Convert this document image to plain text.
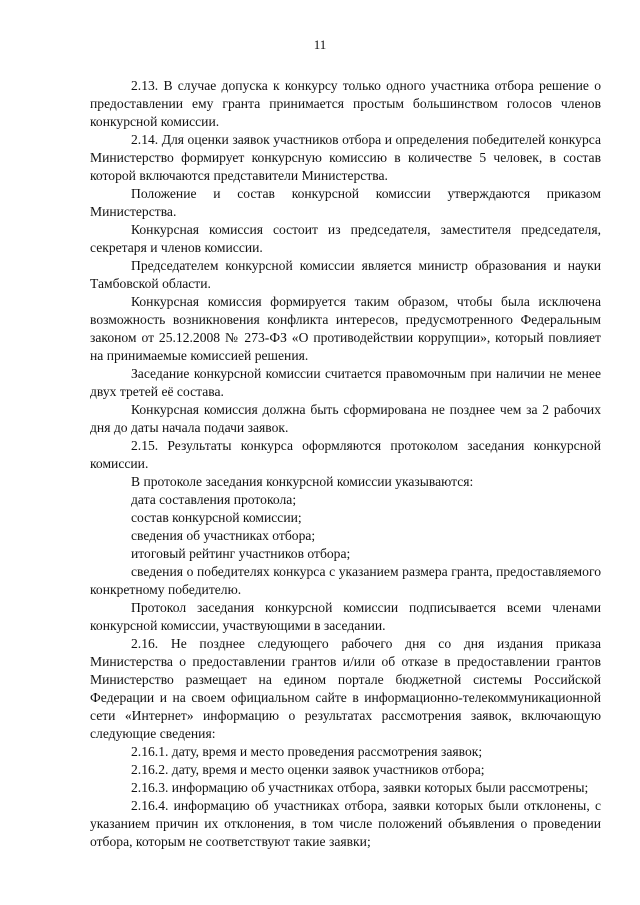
11

2.13. В случае допуска к конкурсу только одного участника отбора решение о предоставлении ему гранта принимается простым большинством голосов членов конкурсной комиссии.

2.14. Для оценки заявок участников отбора и определения победителей конкурса Министерство формирует конкурсную комиссию в количестве 5 человек, в состав которой включаются представители Министерства.

Положение и состав конкурсной комиссии утверждаются приказом Министерства.

Конкурсная комиссия состоит из председателя, заместителя председателя, секретаря и членов комиссии.

Председателем конкурсной комиссии является министр образования и науки Тамбовской области.

Конкурсная комиссия формируется таким образом, чтобы была исключена возможность возникновения конфликта интересов, предусмотренного Федеральным законом от 25.12.2008 № 273-ФЗ «О противодействии коррупции», который повлияет на принимаемые комиссией решения.

Заседание конкурсной комиссии считается правомочным при наличии не менее двух третей её состава.

Конкурсная комиссия должна быть сформирована не позднее чем за 2 рабочих дня до даты начала подачи заявок.

2.15. Результаты конкурса оформляются протоколом заседания конкурсной комиссии.

В протоколе заседания конкурсной комиссии указываются:

дата составления протокола;

состав конкурсной комиссии;

сведения об участниках отбора;

итоговый рейтинг участников отбора;

сведения о победителях конкурса с указанием размера гранта, предоставляемого конкретному победителю.

Протокол заседания конкурсной комиссии подписывается всеми членами конкурсной комиссии, участвующими в заседании.

2.16. Не позднее следующего рабочего дня со дня издания приказа Министерства о предоставлении грантов и/или об отказе в предоставлении грантов Министерство размещает на едином портале бюджетной системы Российской Федерации и на своем официальном сайте в информационно-телекоммуникационной сети «Интернет» информацию о результатах рассмотрения заявок, включающую следующие сведения:

2.16.1. дату, время и место проведения рассмотрения заявок;

2.16.2. дату, время и место оценки заявок участников отбора;

2.16.3. информацию об участниках отбора, заявки которых были рассмотрены;

2.16.4. информацию об участниках отбора, заявки которых были отклонены, с указанием причин их отклонения, в том числе положений объявления о проведении отбора, которым не соответствуют такие заявки;
